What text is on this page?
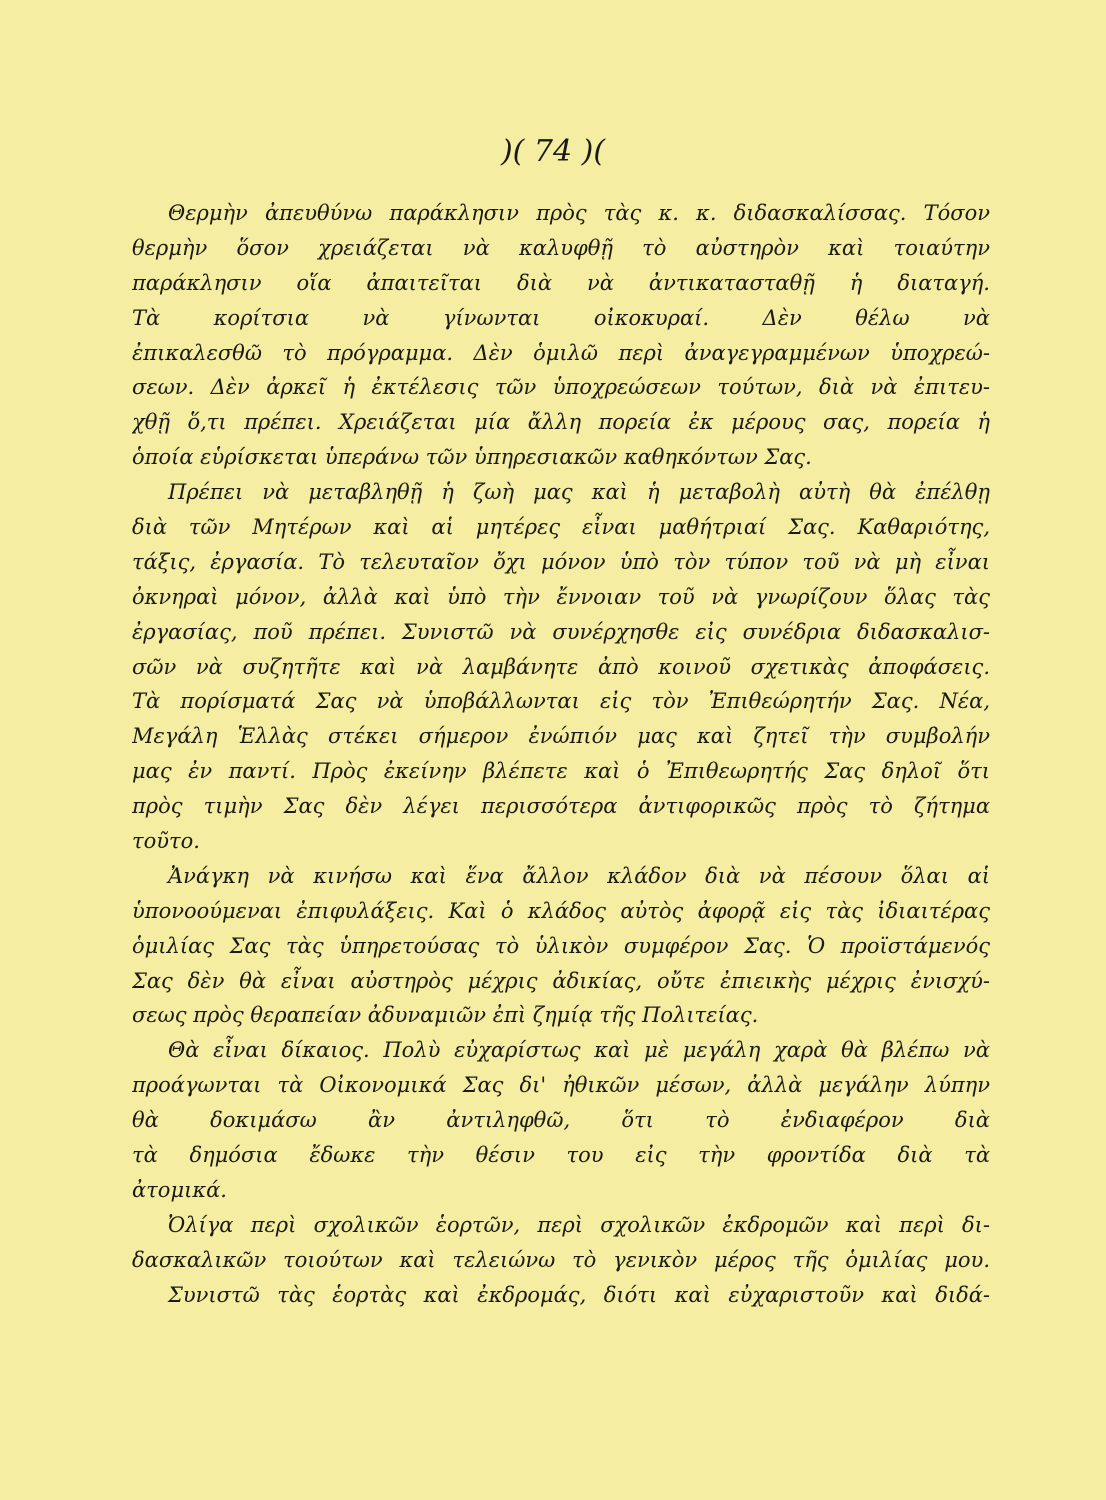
)( 74 )(
Θερμὴν ἀπευθύνω παράκλησιν πρὸς τὰς κ. κ. διδασκαλίσσας. Τόσον
θερμὴν ὅσον χρειάζεται νὰ καλυφθῇ τὸ αὐστηρὸν καὶ τοιαύτην
παράκλησιν οἵα ἀπαιτεῖται διὰ νὰ ἀντικατασταθῇ ἡ διαταγή.
Τὰ κορίτσια νὰ γίνωνται οἰκοκυραί. Δὲν θέλω νὰ
ἐπικαλεσθῶ τὸ πρόγραμμα. Δὲν ὁμιλῶ περὶ ἀναγεγραμμένων ὑποχρεώ-
σεων. Δὲν ἀρκεῖ ἡ ἐκτέλεσις τῶν ὑποχρεώσεων τούτων, διὰ νὰ ἐπιτευ-
χθῇ ὅ,τι πρέπει. Χρειάζεται μία ἄλλη πορεία ἐκ μέρους σας, πορεία ἡ
ὁποία εὑρίσκεται ὑπεράνω τῶν ὑπηρεσιακῶν καθηκόντων Σας.
Πρέπει νὰ μεταβληθῇ ἡ ζωὴ μας καὶ ἡ μεταβολὴ αὐτὴ θὰ ἐπέλθῃ
διὰ τῶν Μητέρων καὶ αἱ μητέρες εἶναι μαθήτριαί Σας. Καθαριότης,
τάξις, ἐργασία. Τὸ τελευταῖον ὄχι μόνον ὑπὸ τὸν τύπον τοῦ νὰ μὴ εἶναι
ὀκνηραὶ μόνον, ἀλλὰ καὶ ὑπὸ τὴν ἔννοιαν τοῦ νὰ γνωρίζουν ὅλας τὰς
ἐργασίας, ποῦ πρέπει. Συνιστῶ νὰ συνέρχησθε εἰς συνέδρια διδασκαλισ-
σῶν νὰ συζητῆτε καὶ νὰ λαμβάνητε ἀπὸ κοινοῦ σχετικὰς ἀποφάσεις.
Τὰ πορίσματά Σας νὰ ὑποβάλλωνται εἰς τὸν Ἐπιθεώρητήν Σας. Νέα,
Μεγάλη Ἑλλὰς στέκει σήμερον ἐνώπιόν μας καὶ ζητεῖ τὴν συμβολήν
μας ἐν παντί. Πρὸς ἐκείνην βλέπετε καὶ ὁ Ἐπιθεωρητής Σας δηλοῖ ὅτι
πρὸς τιμὴν Σας δὲν λέγει περισσότερα ἀντιφορικῶς πρὸς τὸ ζήτημα
τοῦτο.
Ἀνάγκη νὰ κινήσω καὶ ἕνα ἄλλον κλάδον διὰ νὰ πέσουν ὅλαι αἱ
ὑπονοούμεναι ἐπιφυλάξεις. Καὶ ὁ κλάδος αὐτὸς ἀφορᾷ εἰς τὰς ἰδιαιτέρας
ὁμιλίας Σας τὰς ὑπηρετούσας τὸ ὑλικὸν συμφέρον Σας. Ὁ προϊστάμενός
Σας δὲν θὰ εἶναι αὐστηρὸς μέχρις ἀδικίας, οὔτε ἐπιεικὴς μέχρις ἐνισχύ-
σεως πρὸς θεραπείαν ἀδυναμιῶν ἐπὶ ζημίᾳ τῆς Πολιτείας.
Θὰ εἶναι δίκαιος. Πολὺ εὐχαρίστως καὶ μὲ μεγάλη χαρὰ θὰ βλέπω νὰ
προάγωνται τὰ Οἰκονομικά Σας δι' ἠθικῶν μέσων, ἀλλὰ μεγάλην λύπην
θὰ δοκιμάσω ἂν ἀντιληφθῶ, ὅτι τὸ ἐνδιαφέρον διὰ
τὰ δημόσια ἔδωκε τὴν θέσιν του εἰς τὴν φροντίδα διὰ τὰ
ἀτομικά.
Ὀλίγα περὶ σχολικῶν ἑορτῶν, περὶ σχολικῶν ἐκδρομῶν καὶ περὶ δι-
δασκαλικῶν τοιούτων καὶ τελειώνω τὸ γενικὸν μέρος τῆς ὁμιλίας μου.
Συνιστῶ τὰς ἑορτὰς καὶ ἐκδρομάς, διότι καὶ εὐχαριστοῦν καὶ διδά-
